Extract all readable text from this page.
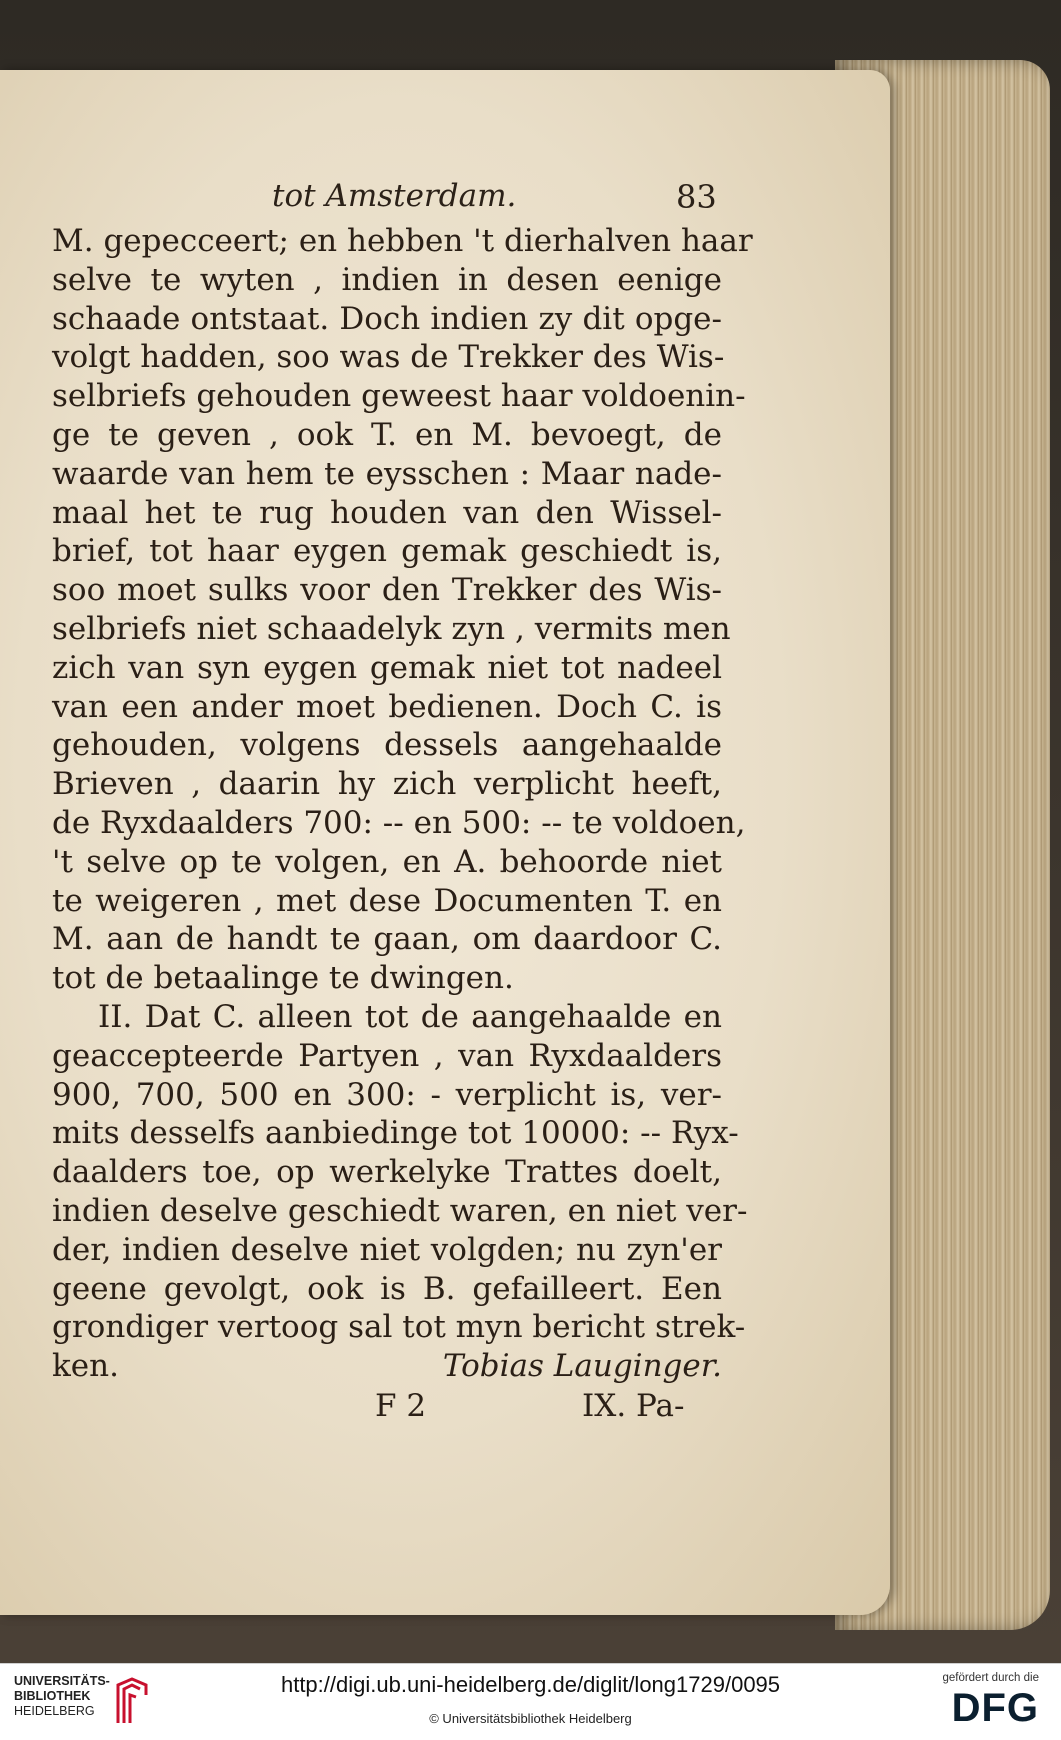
tot Amsterdam.	83
M. gepecceert; en hebben 't dierhalven haar
selve te wyten , indien in desen eenige
schaade ontstaat. Doch indien zy dit opge-
volgt hadden, soo was de Trekker des Wis-
selbriefs gehouden geweest haar voldoenin-
ge te geven , ook T. en M. bevoegt, de
waarde van hem te eysschen : Maar nade-
maal het te rug houden van den Wissel-
brief, tot haar eygen gemak geschiedt is,
soo moet sulks voor den Trekker des Wis-
selbriefs niet schaadelyk zyn , vermits men
zich van syn eygen gemak niet tot nadeel
van een ander moet bedienen. Doch C. is
gehouden, volgens dessels aangehaalde
Brieven , daarin hy zich verplicht heeft,
de Ryxdaalders 700: -- en 500: -- te voldoen,
't selve op te volgen, en A. behoorde niet
te weigeren , met dese Documenten T. en
M. aan de handt te gaan, om daardoor C.
tot de betaalinge te dwingen.
II. Dat C. alleen tot de aangehaalde en
geaccepteerde Partyen , van Ryxdaalders
900, 700, 500 en 300: - verplicht is, ver-
mits desselfs aanbiedinge tot 10000: -- Ryx-
daalders toe, op werkelyke Trattes doelt,
indien deselve geschiedt waren, en niet ver-
der, indien deselve niet volgden; nu zyn'er
geene gevolgt, ook is B. gefailleert. Een
grondiger vertoog sal tot myn bericht strek-
ken.	Tobias Lauginger.
F 2	IX. Pa-
UNIVERSITÄTS-
BIBLIOTHEK
HEIDELBERG
http://digi.ub.uni-heidelberg.de/diglit/long1729/0095
© Universitätsbibliothek Heidelberg
gefördert durch die
DFG
